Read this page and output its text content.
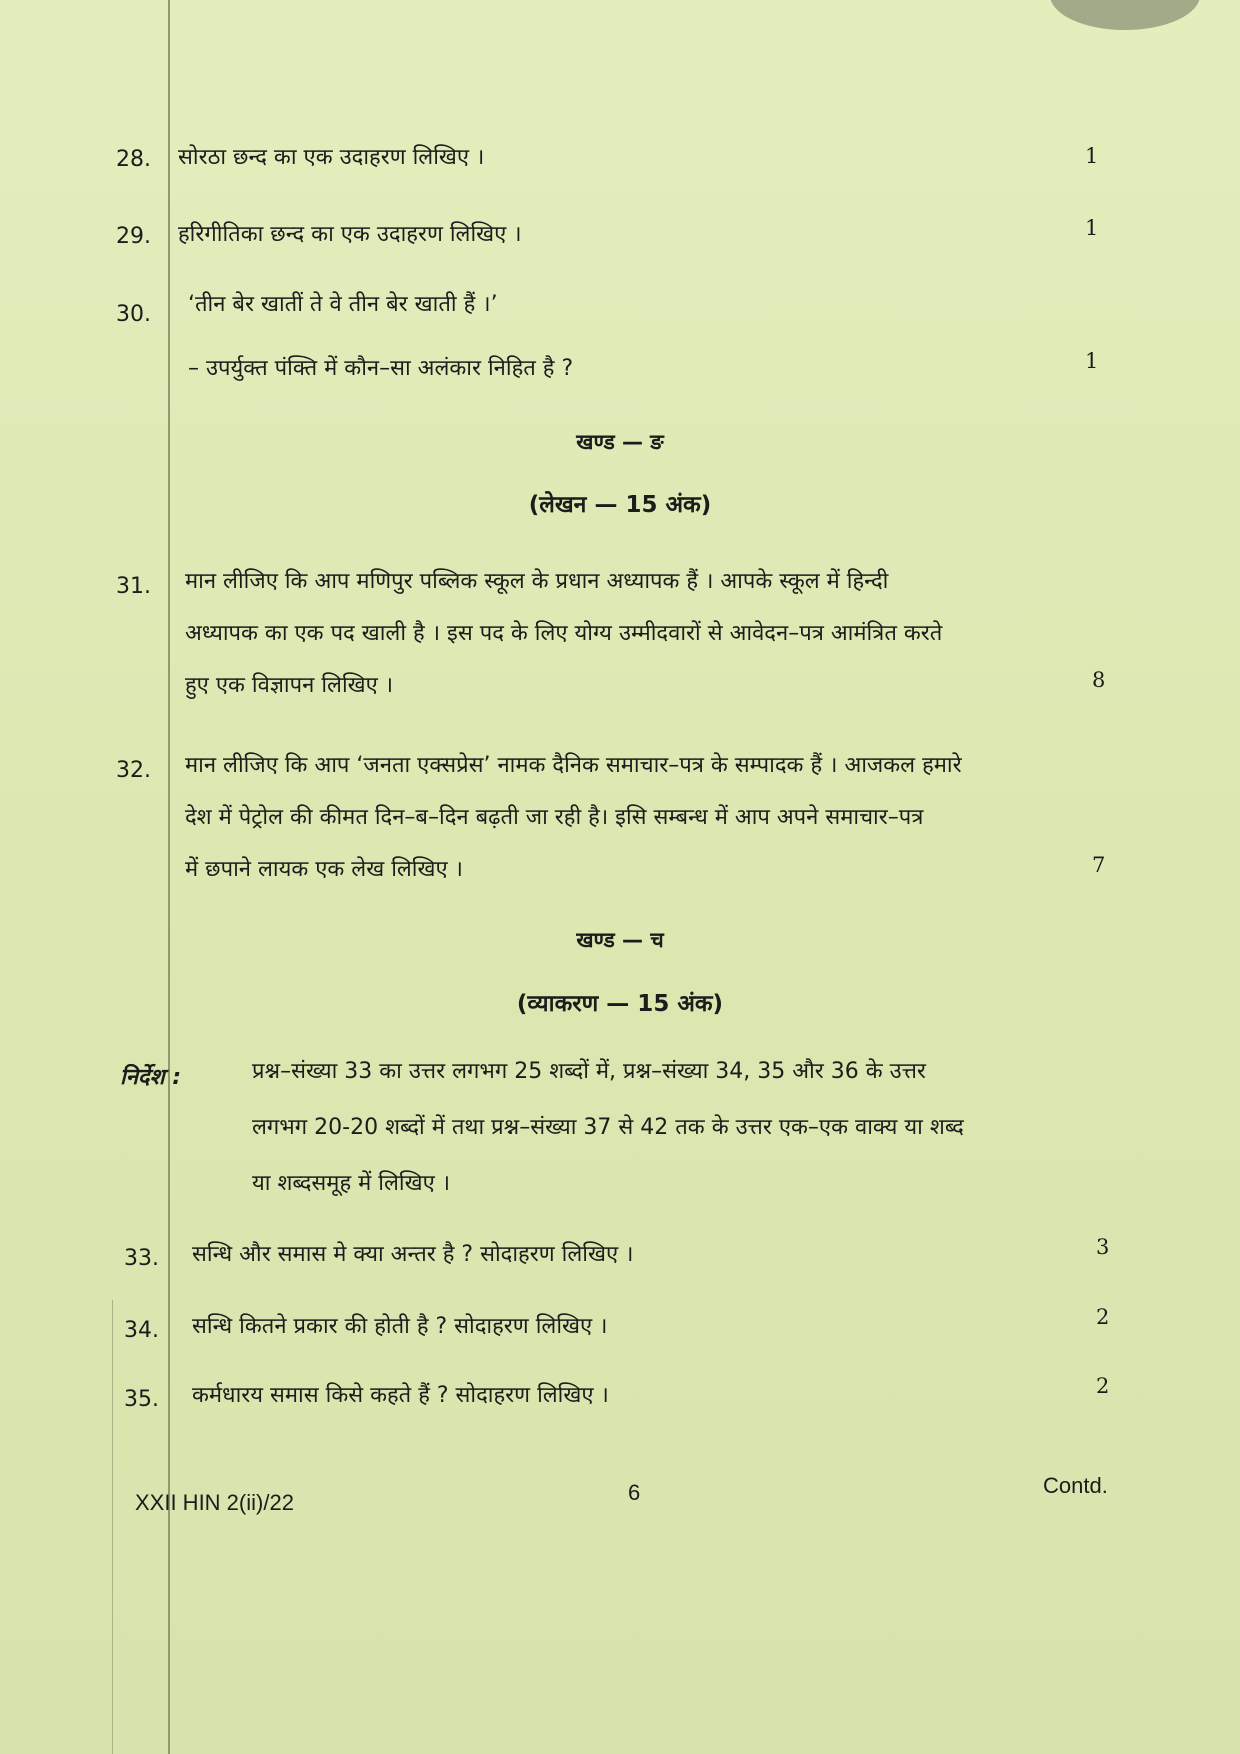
28. सोरठा छन्द का एक उदाहरण लिखिए ।	1
29. हरिगीतिका छन्द का एक उदाहरण लिखिए ।	1
30. ‘तीन बेर खातीं ते वे तीन बेर खाती हैं ।’
– उपर्युक्त पंक्ति में कौन–सा अलंकार निहित है ?	1
खण्ड — ङ
(लेखन — 15 अंक)
31. मान लीजिए कि आप मणिपुर पब्लिक स्कूल के प्रधान अध्यापक हैं । आपके स्कूल में हिन्दी
अध्यापक का एक पद खाली है । इस पद के लिए योग्य उम्मीदवारों से आवेदन–पत्र आमंत्रित करते
हुए एक विज्ञापन लिखिए ।	8
32. मान लीजिए कि आप ‘जनता एक्सप्रेस’ नामक दैनिक समाचार–पत्र के सम्पादक हैं । आजकल हमारे
देश में पेट्रोल की कीमत दिन–ब–दिन बढ़ती जा रही है। इसि सम्बन्ध में आप अपने समाचार–पत्र
में छपाने लायक एक लेख लिखिए ।	7
खण्ड — च
(व्याकरण — 15 अंक)
निर्देश :	प्रश्न–संख्या 33 का उत्तर लगभग 25 शब्दों में, प्रश्न–संख्या 34, 35 और 36 के उत्तर
लगभग 20-20 शब्दों में तथा प्रश्न–संख्या 37 से 42 तक के उत्तर एक–एक वाक्य या शब्द
या शब्दसमूह में लिखिए ।
33. सन्धि और समास मे क्या अन्तर है ? सोदाहरण लिखिए ।	3
34. सन्धि कितने प्रकार की होती है ? सोदाहरण लिखिए ।	2
35. कर्मधारय समास किसे कहते हैं ? सोदाहरण लिखिए ।	2
XXII HIN 2(ii)/22	6	Contd.
